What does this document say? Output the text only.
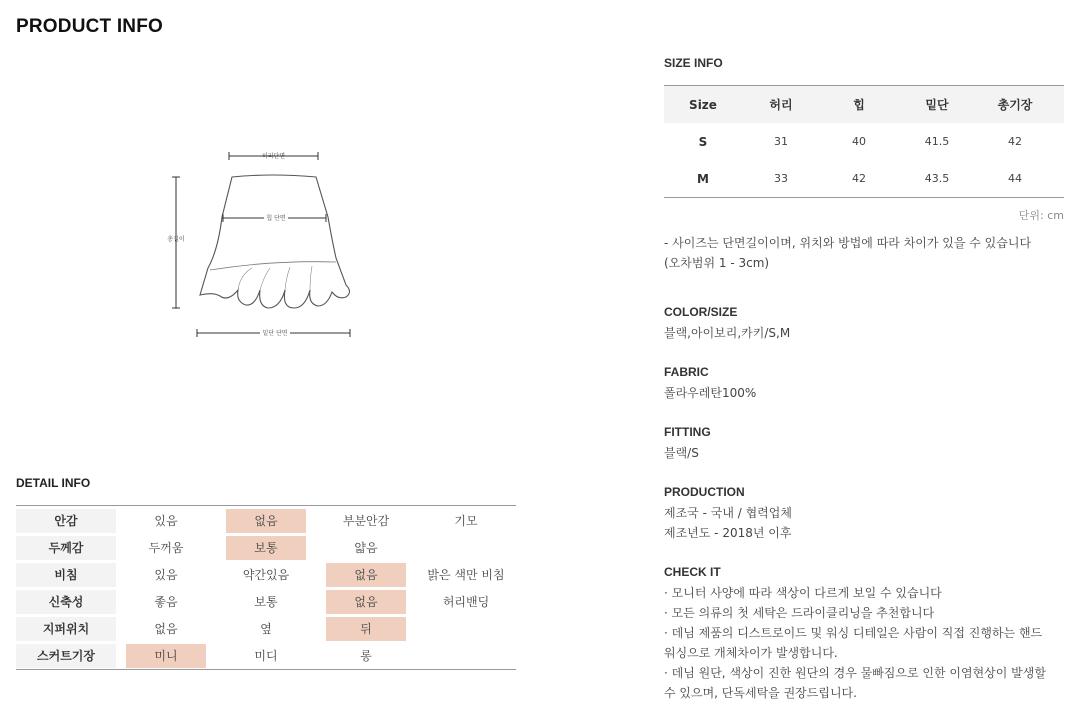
PRODUCT INFO
허리단면
총길이
힙 단면
밑단 단면
DETAIL INFO
안감	있음	없음	부분안감	기모
두께감	두꺼움	보통	얇음
비침	있음	약간있음	없음	밝은 색만 비침
신축성	좋음	보통	없음	허리밴딩
지퍼위치	없음	옆	뒤
스커트기장	미니	미디	롱
SIZE INFO
Size	허리	힙	밑단	총기장
S	31	40	41.5	42
M	33	42	43.5	44
단위: cm
- 사이즈는 단면길이이며, 위치와 방법에 따라 차이가 있을 수 있습니다
(오차범위 1 - 3cm)
COLOR/SIZE
블랙,아이보리,카키/S,M
FABRIC
폴라우레탄100%
FITTING
블랙/S
PRODUCTION
제조국 - 국내 / 협력업체
제조년도 - 2018년 이후
CHECK IT
· 모니터 사양에 따라 색상이 다르게 보일 수 있습니다
· 모든 의류의 첫 세탁은 드라이클리닝을 추천합니다
· 데님 제품의 디스트로이드 및 워싱 디테일은 사람이 직접 진행하는 핸드
워싱으로 개체차이가 발생합니다.
· 데님 원단, 색상이 진한 원단의 경우 물빠짐으로 인한 이염현상이 발생할
수 있으며, 단독세탁을 권장드립니다.
